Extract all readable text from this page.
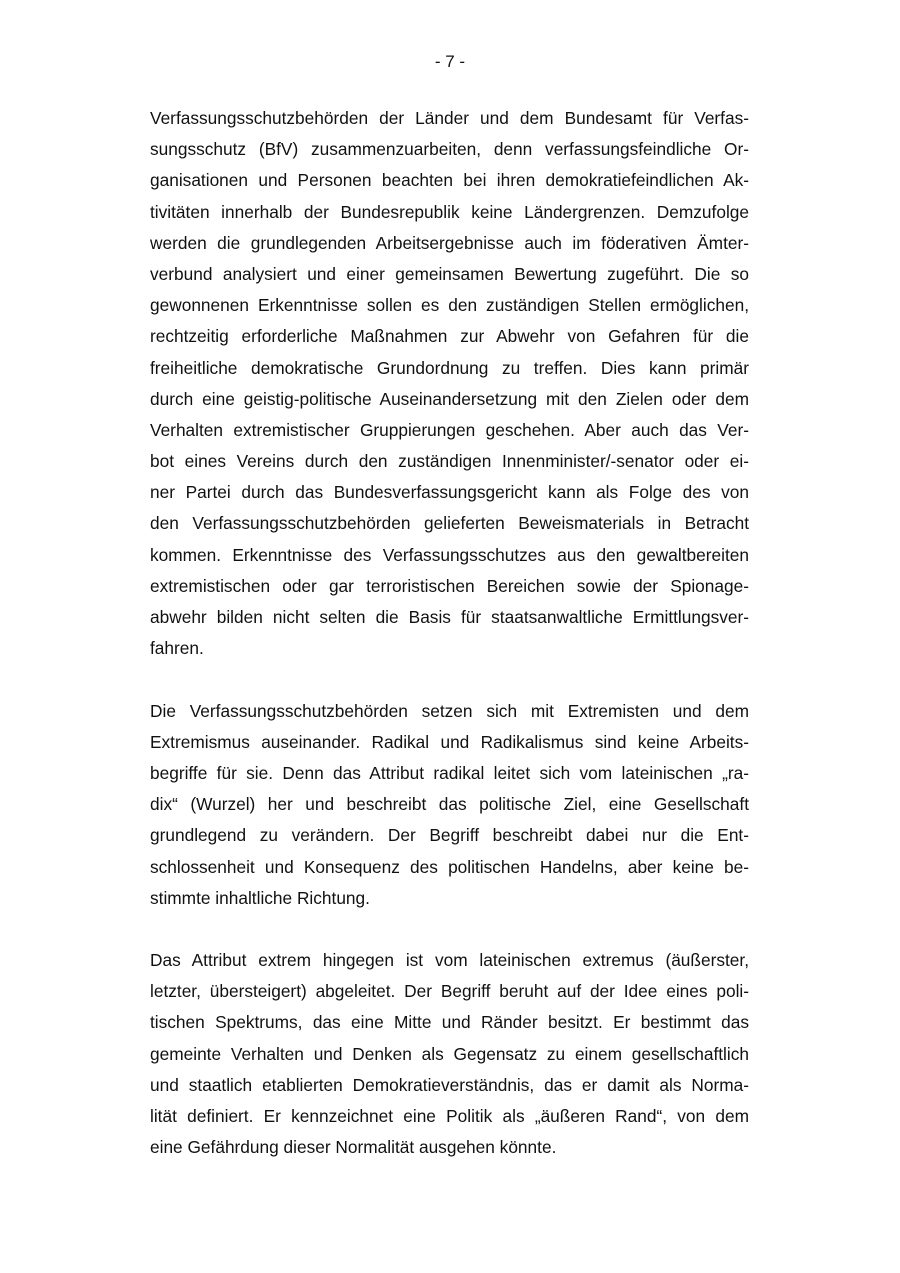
- 7 -
Verfassungsschutzbehörden der Länder und dem Bundesamt für Verfas-
sungsschutz (BfV) zusammenzuarbeiten, denn verfassungsfeindliche Or-
ganisationen und Personen beachten bei ihren demokratiefeindlichen Ak-
tivitäten innerhalb der Bundesrepublik keine Ländergrenzen. Demzufolge
werden die grundlegenden Arbeitsergebnisse auch im föderativen Ämter-
verbund analysiert und einer gemeinsamen Bewertung zugeführt. Die so
gewonnenen Erkenntnisse sollen es den zuständigen Stellen ermöglichen,
rechtzeitig erforderliche Maßnahmen zur Abwehr von Gefahren für die
freiheitliche demokratische Grundordnung zu treffen. Dies kann primär
durch eine geistig-politische Auseinandersetzung mit den Zielen oder dem
Verhalten extremistischer Gruppierungen geschehen. Aber auch das Ver-
bot eines Vereins durch den zuständigen Innenminister/-senator oder ei-
ner Partei durch das Bundesverfassungsgericht kann als Folge des von
den Verfassungsschutzbehörden gelieferten Beweismaterials in Betracht
kommen. Erkenntnisse des Verfassungsschutzes aus den gewaltbereiten
extremistischen oder gar terroristischen Bereichen sowie der Spionage-
abwehr bilden nicht selten die Basis für staatsanwaltliche Ermittlungsver-
fahren.
Die Verfassungsschutzbehörden setzen sich mit Extremisten und dem
Extremismus auseinander. Radikal und Radikalismus sind keine Arbeits-
begriffe für sie. Denn das Attribut radikal leitet sich vom lateinischen „ra-
dix“ (Wurzel) her und beschreibt das politische Ziel, eine Gesellschaft
grundlegend zu verändern. Der Begriff beschreibt dabei nur die Ent-
schlossenheit und Konsequenz des politischen Handelns, aber keine be-
stimmte inhaltliche Richtung.
Das Attribut extrem hingegen ist vom lateinischen extremus (äußerster,
letzter, übersteigert) abgeleitet. Der Begriff beruht auf der Idee eines poli-
tischen Spektrums, das eine Mitte und Ränder besitzt. Er bestimmt das
gemeinte Verhalten und Denken als Gegensatz zu einem gesellschaftlich
und staatlich etablierten Demokratieverständnis, das er damit als Norma-
lität definiert. Er kennzeichnet eine Politik als „äußeren Rand“, von dem
eine Gefährdung dieser Normalität ausgehen könnte.
